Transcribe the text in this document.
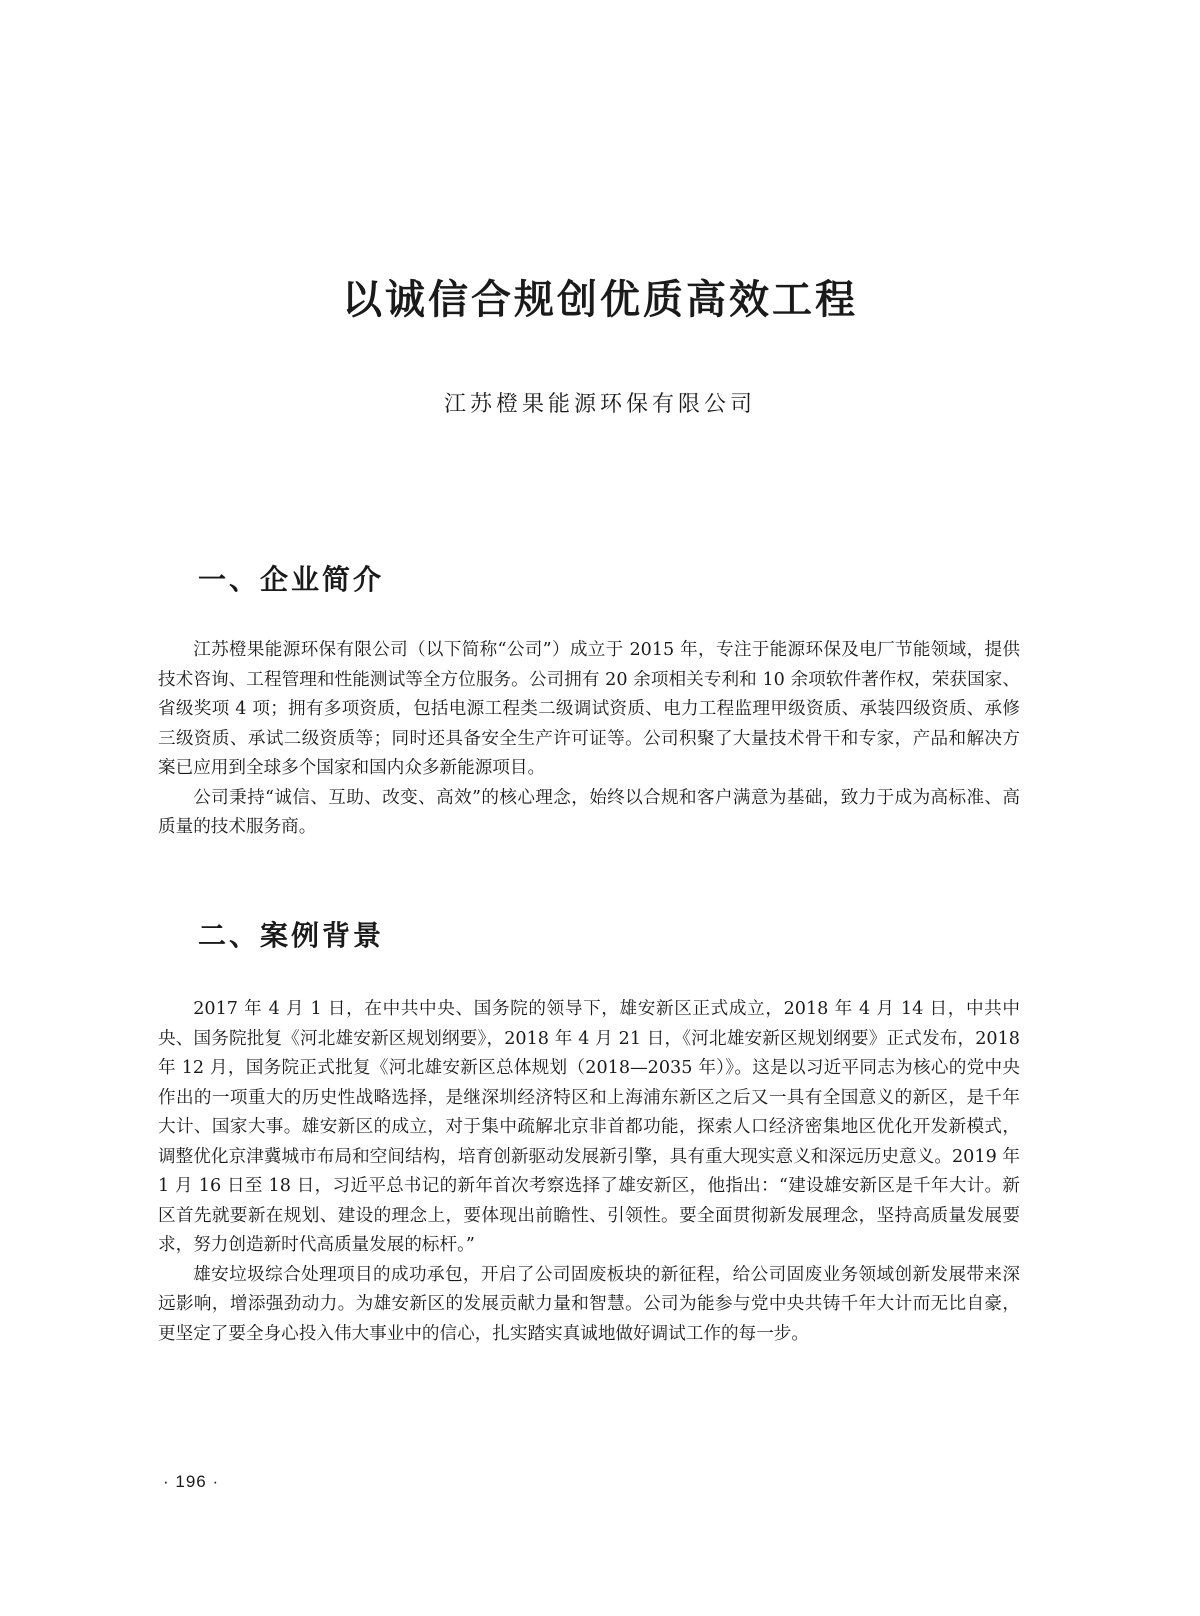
以诚信合规创优质高效工程
江苏橙果能源环保有限公司
一、企业简介

江苏橙果能源环保有限公司（以下简称“公司”）成立于 2015 年，专注于能源环保及电厂节能领域，提供技术咨询、工程管理和性能测试等全方位服务。公司拥有 20 余项相关专利和 10 余项软件著作权，荣获国家、省级奖项 4 项；拥有多项资质，包括电源工程类二级调试资质、电力工程监理甲级资质、承装四级资质、承修三级资质、承试二级资质等；同时还具备安全生产许可证等。公司积聚了大量技术骨干和专家，产品和解决方案已应用到全球多个国家和国内众多新能源项目。

公司秉持“诚信、互助、改变、高效”的核心理念，始终以合规和客户满意为基础，致力于成为高标准、高质量的技术服务商。

二、案例背景

2017 年 4 月 1 日，在中共中央、国务院的领导下，雄安新区正式成立，2018 年 4 月 14 日，中共中央、国务院批复《河北雄安新区规划纲要》，2018 年 4 月 21 日，《河北雄安新区规划纲要》正式发布，2018 年 12 月，国务院正式批复《河北雄安新区总体规划（2018—2035 年）》。这是以习近平同志为核心的党中央作出的一项重大的历史性战略选择，是继深圳经济特区和上海浦东新区之后又一具有全国意义的新区，是千年大计、国家大事。雄安新区的成立，对于集中疏解北京非首都功能，探索人口经济密集地区优化开发新模式，调整优化京津冀城市布局和空间结构，培育创新驱动发展新引擎，具有重大现实意义和深远历史意义。2019 年 1 月 16 日至 18 日，习近平总书记的新年首次考察选择了雄安新区，他指出：“建设雄安新区是千年大计。新区首先就要新在规划、建设的理念上，要体现出前瞻性、引领性。要全面贯彻新发展理念，坚持高质量发展要求，努力创造新时代高质量发展的标杆。”

雄安垃圾综合处理项目的成功承包，开启了公司固废板块的新征程，给公司固废业务领域创新发展带来深远影响，增添强劲动力。为雄安新区的发展贡献力量和智慧。公司为能参与党中央共铸千年大计而无比自豪，更坚定了要全身心投入伟大事业中的信心，扎实踏实真诚地做好调试工作的每一步。

· 196 ·
